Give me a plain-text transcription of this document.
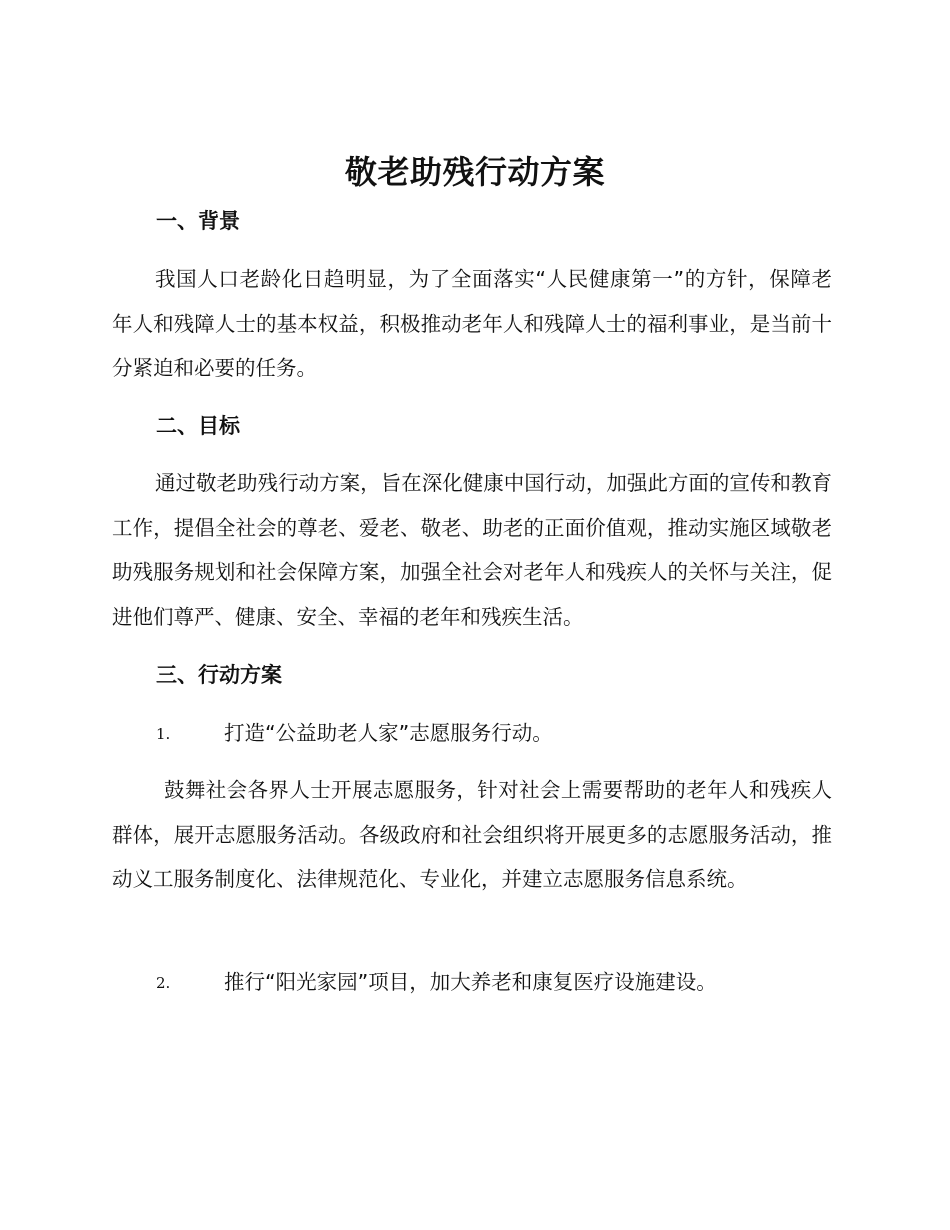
敬老助残行动方案
一、背景

我国人口老龄化日趋明显，为了全面落实“人民健康第一”的方针，保障老年人和残障人士的基本权益，积极推动老年人和残障人士的福利事业，是当前十分紧迫和必要的任务。

二、目标

通过敬老助残行动方案，旨在深化健康中国行动，加强此方面的宣传和教育工作，提倡全社会的尊老、爱老、敬老、助老的正面价值观，推动实施区域敬老助残服务规划和社会保障方案，加强全社会对老年人和残疾人的关怀与关注，促进他们尊严、健康、安全、幸福的老年和残疾生活。

三、行动方案
1.	打造“公益助老人家”志愿服务行动。

鼓舞社会各界人士开展志愿服务，针对社会上需要帮助的老年人和残疾人群体，展开志愿服务活动。各级政府和社会组织将开展更多的志愿服务活动，推动义工服务制度化、法律规范化、专业化，并建立志愿服务信息系统。

2.	推行“阳光家园”项目，加大养老和康复医疗设施建设。
